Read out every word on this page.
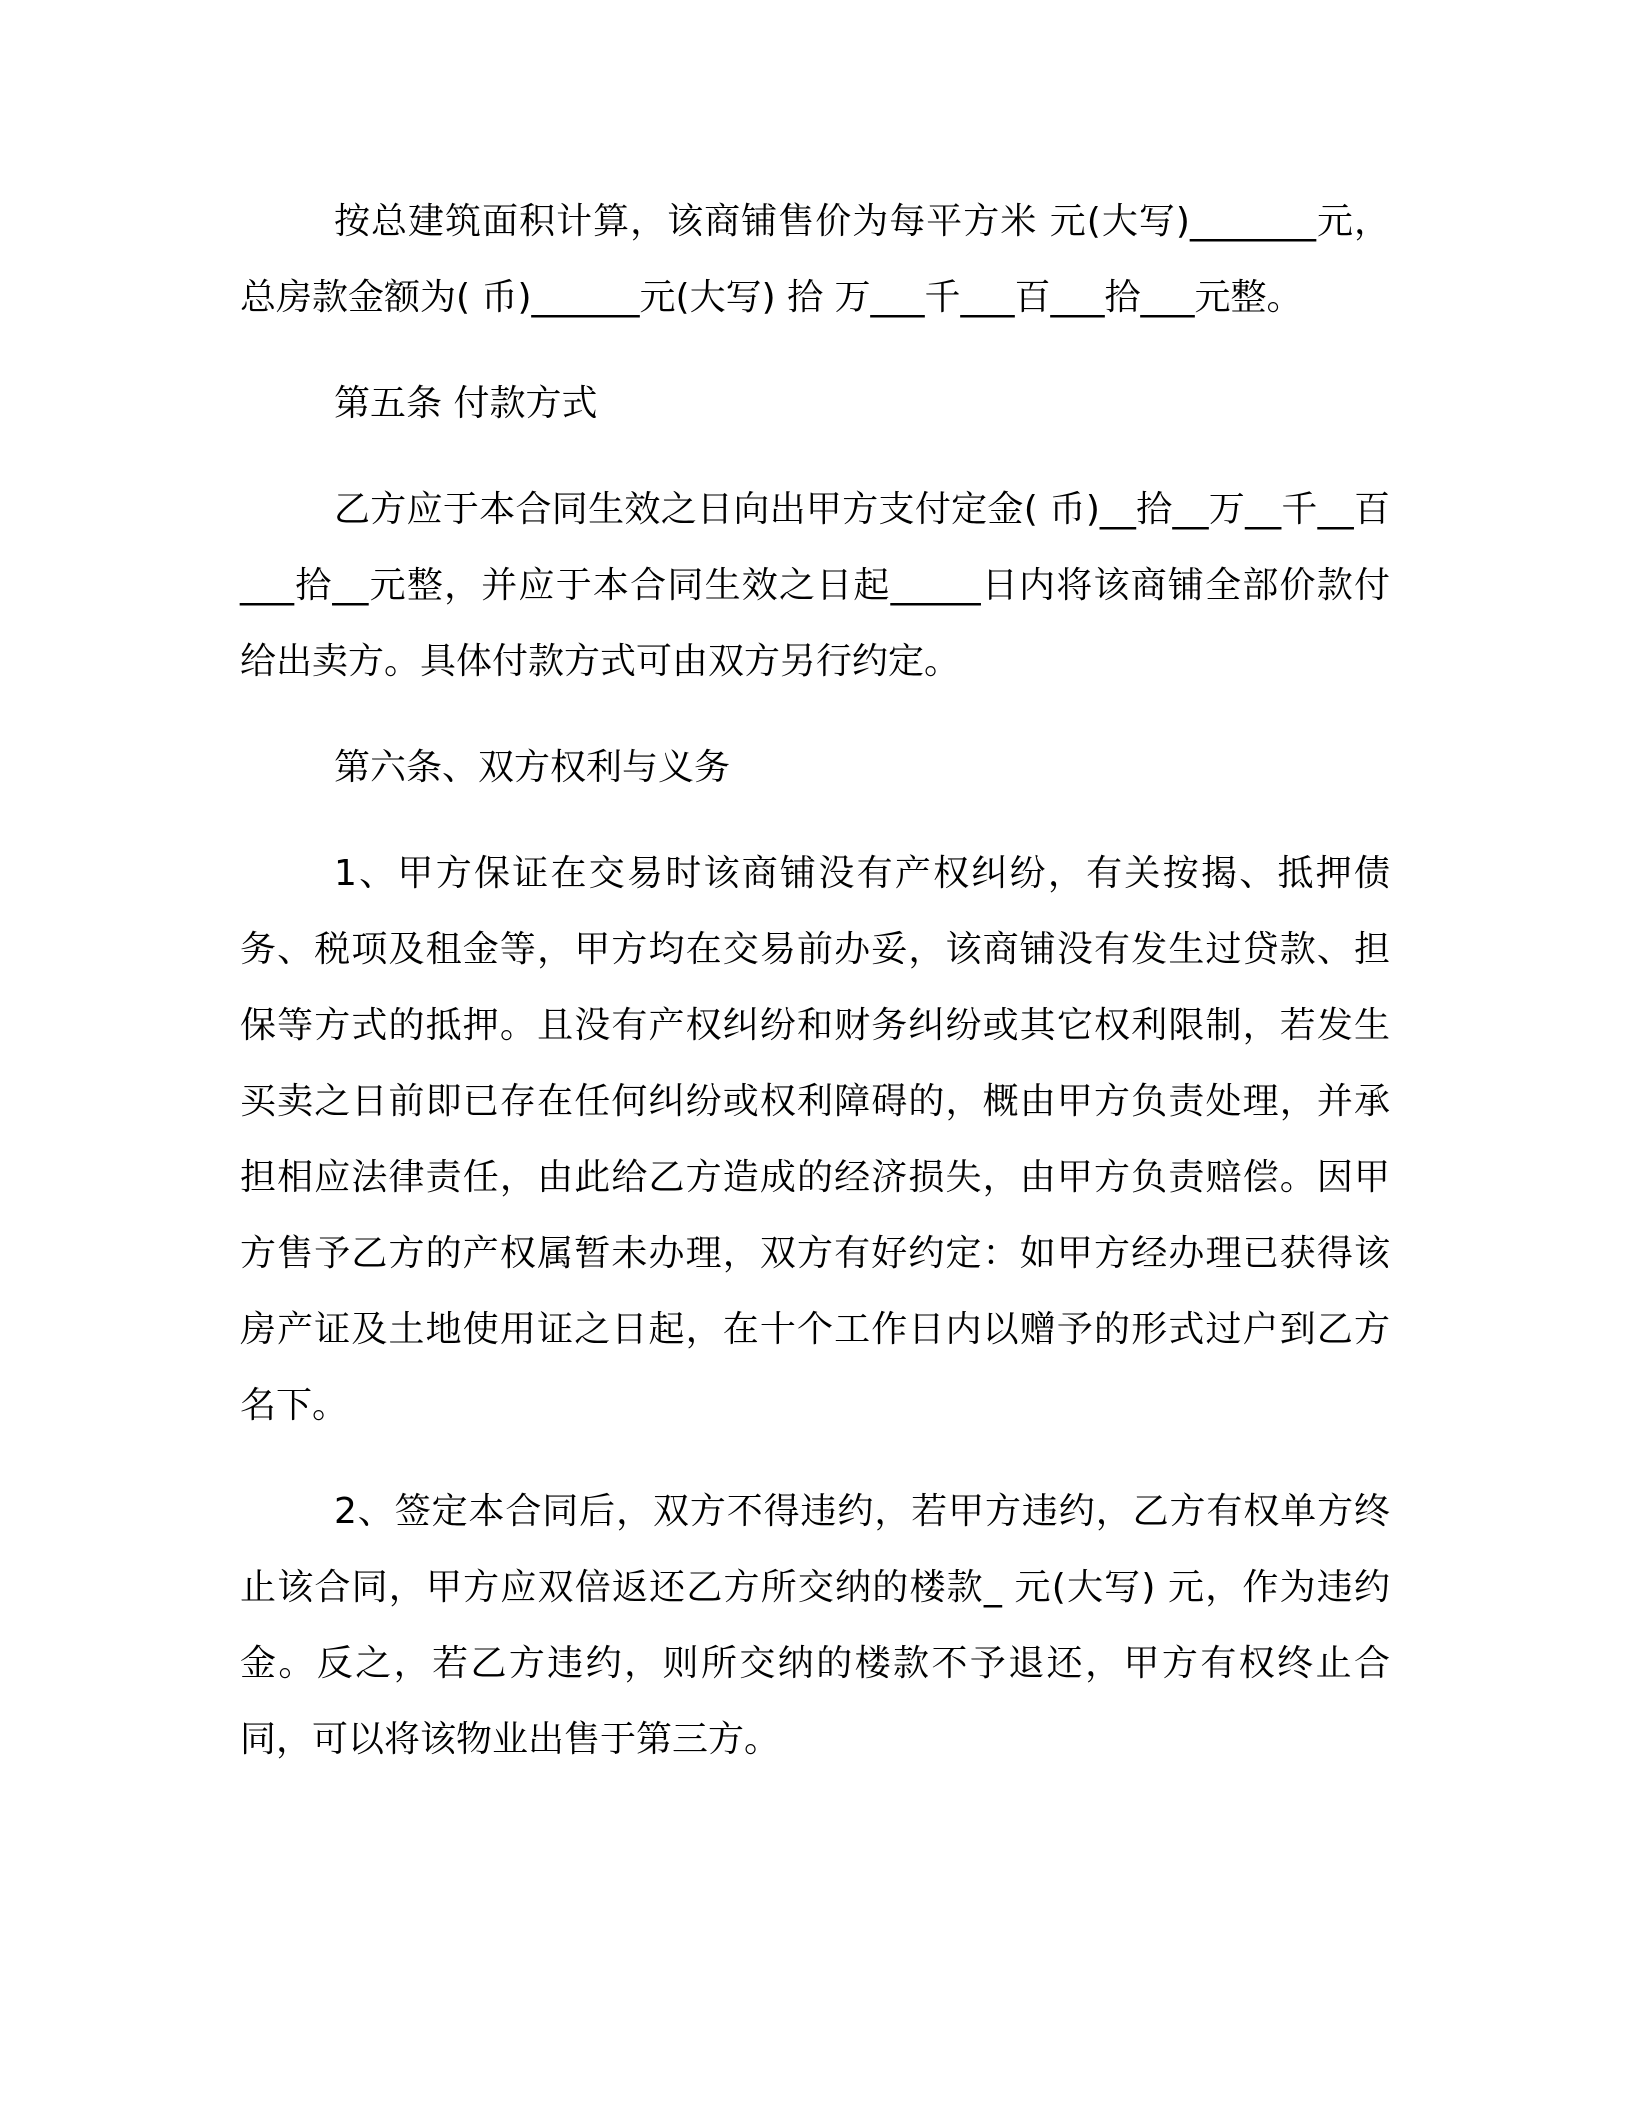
按总建筑面积计算，该商铺售价为每平方米 元(大写)_______元，总房款金额为( 币)______元(大写) 拾 万___千___百___拾___元整。

第五条 付款方式

乙方应于本合同生效之日向出甲方支付定金( 币)__拾__万__千__百___拾__元整，并应于本合同生效之日起_____日内将该商铺全部价款付给出卖方。具体付款方式可由双方另行约定。

第六条、双方权利与义务

1、甲方保证在交易时该商铺没有产权纠纷，有关按揭、抵押债务、税项及租金等，甲方均在交易前办妥，该商铺没有发生过贷款、担保等方式的抵押。且没有产权纠纷和财务纠纷或其它权利限制，若发生买卖之日前即已存在任何纠纷或权利障碍的，概由甲方负责处理，并承担相应法律责任，由此给乙方造成的经济损失，由甲方负责赔偿。因甲方售予乙方的产权属暂未办理，双方有好约定：如甲方经办理已获得该房产证及土地使用证之日起，在十个工作日内以赠予的形式过户到乙方名下。

2、签定本合同后，双方不得违约，若甲方违约，乙方有权单方终止该合同，甲方应双倍返还乙方所交纳的楼款_ 元(大写) 元，作为违约金。反之，若乙方违约，则所交纳的楼款不予退还，甲方有权终止合同，可以将该物业出售于第三方。
